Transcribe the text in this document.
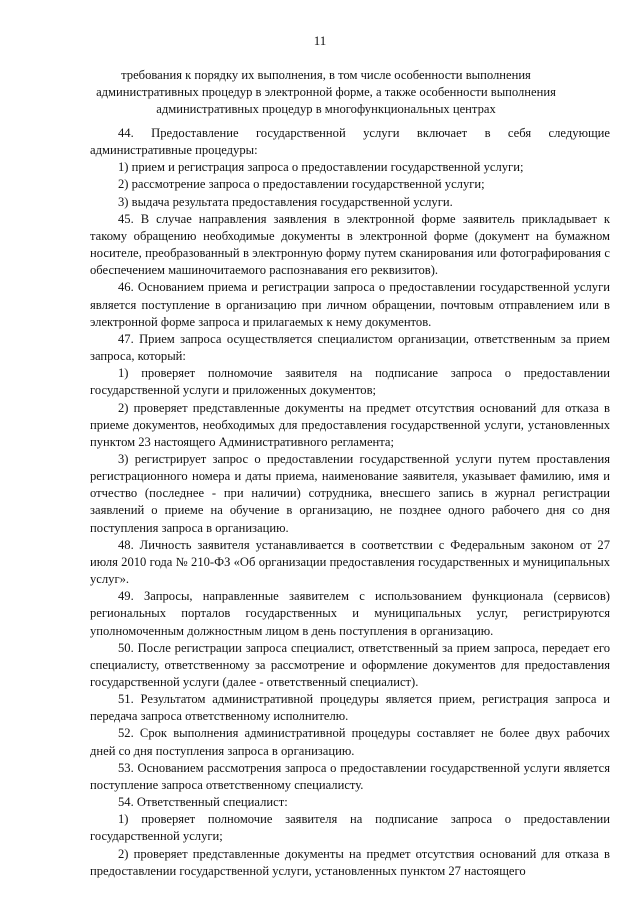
11
требования к порядку их выполнения, в том числе особенности выполнения административных процедур в электронной форме, а также особенности выполнения административных процедур в многофункциональных центрах

44. Предоставление государственной услуги включает в себя следующие административные процедуры:

1) прием и регистрация запроса о предоставлении государственной услуги;

2) рассмотрение запроса о предоставлении государственной услуги;

3) выдача результата предоставления государственной услуги.

45. В случае направления заявления в электронной форме заявитель прикладывает к такому обращению необходимые документы в электронной форме (документ на бумажном носителе, преобразованный в электронную форму путем сканирования или фотографирования с обеспечением машиночитаемого распознавания его реквизитов).

46. Основанием приема и регистрации запроса о предоставлении государственной услуги является поступление в организацию при личном обращении, почтовым отправлением или в электронной форме запроса и прилагаемых к нему документов.

47. Прием запроса осуществляется специалистом организации, ответственным за прием запроса, который:

1) проверяет полномочие заявителя на подписание запроса о предоставлении государственной услуги и приложенных документов;

2) проверяет представленные документы на предмет отсутствия оснований для отказа в приеме документов, необходимых для предоставления государственной услуги, установленных пунктом 23 настоящего Административного регламента;

3) регистрирует запрос о предоставлении государственной услуги путем проставления регистрационного номера и даты приема, наименование заявителя, указывает фамилию, имя и отчество (последнее - при наличии) сотрудника, внесшего запись в журнал регистрации заявлений о приеме на обучение в организацию, не позднее одного рабочего дня со дня поступления запроса в организацию.

48. Личность заявителя устанавливается в соответствии с Федеральным законом от 27 июля 2010 года № 210-ФЗ «Об организации предоставления государственных и муниципальных услуг».

49. Запросы, направленные заявителем с использованием функционала (сервисов) региональных порталов государственных и муниципальных услуг, регистрируются уполномоченным должностным лицом в день поступления в организацию.

50. После регистрации запроса специалист, ответственный за прием запроса, передает его специалисту, ответственному за рассмотрение и оформление документов для предоставления государственной услуги (далее - ответственный специалист).

51. Результатом административной процедуры является прием, регистрация запроса и передача запроса ответственному исполнителю.

52. Срок выполнения административной процедуры составляет не более двух рабочих дней со дня поступления запроса в организацию.

53. Основанием рассмотрения запроса о предоставлении государственной услуги является поступление запроса ответственному специалисту.

54. Ответственный специалист:

1) проверяет полномочие заявителя на подписание запроса о предоставлении государственной услуги;

2) проверяет представленные документы на предмет отсутствия оснований для отказа в предоставлении государственной услуги, установленных пунктом 27 настоящего
